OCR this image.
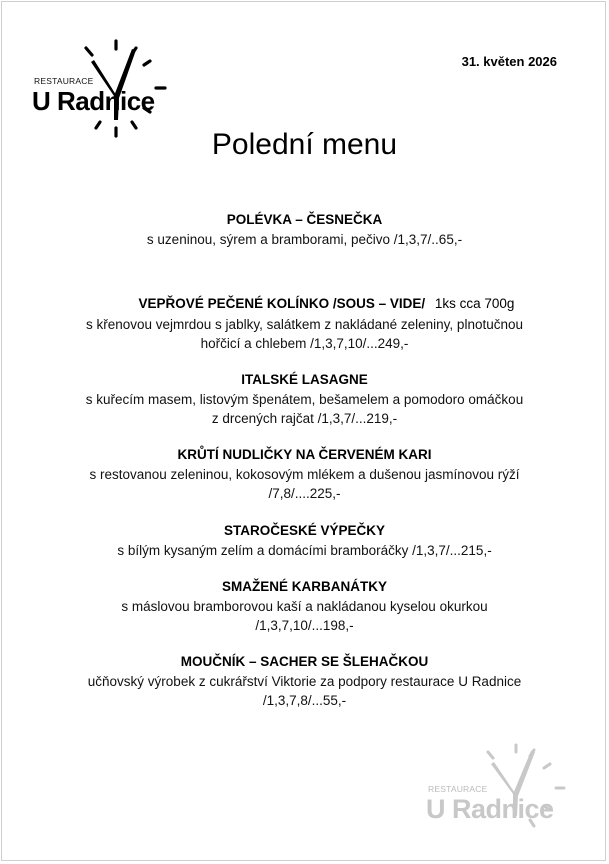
RESTAURACE
U Radnice
31. květen 2026
Polední menu
POLÉVKA – ČESNEČKA
s uzeninou, sýrem a bramborami, pečivo /1,3,7/..65,-
VEPŘOVÉ PEČENÉ KOLÍNKO /SOUS – VIDE/ 1ks cca 700g
s křenovou vejmrdou s jablky, salátkem z nakládané zeleniny, plnotučnou
hořčicí a chlebem /1,3,7,10/...249,-
ITALSKÉ LASAGNE
s kuřecím masem, listovým špenátem, bešamelem a pomodoro omáčkou
z drcených rajčat /1,3,7/...219,-
KRŮTÍ NUDLIČKY NA ČERVENÉM KARI
s restovanou zeleninou, kokosovým mlékem a dušenou jasmínovou rýží
/7,8/....225,-
STAROČESKÉ VÝPEČKY
s bílým kysaným zelím a domácími bramboráčky /1,3,7/...215,-
SMAŽENÉ KARBANÁTKY
s máslovou bramborovou kaší a nakládanou kyselou okurkou
/1,3,7,10/...198,-
MOUČNÍK – SACHER SE ŠLEHAČKOU
učňovský výrobek z cukrářství Viktorie za podpory restaurace U Radnice
/1,3,7,8/...55,-
RESTAURACE
U Radnice
